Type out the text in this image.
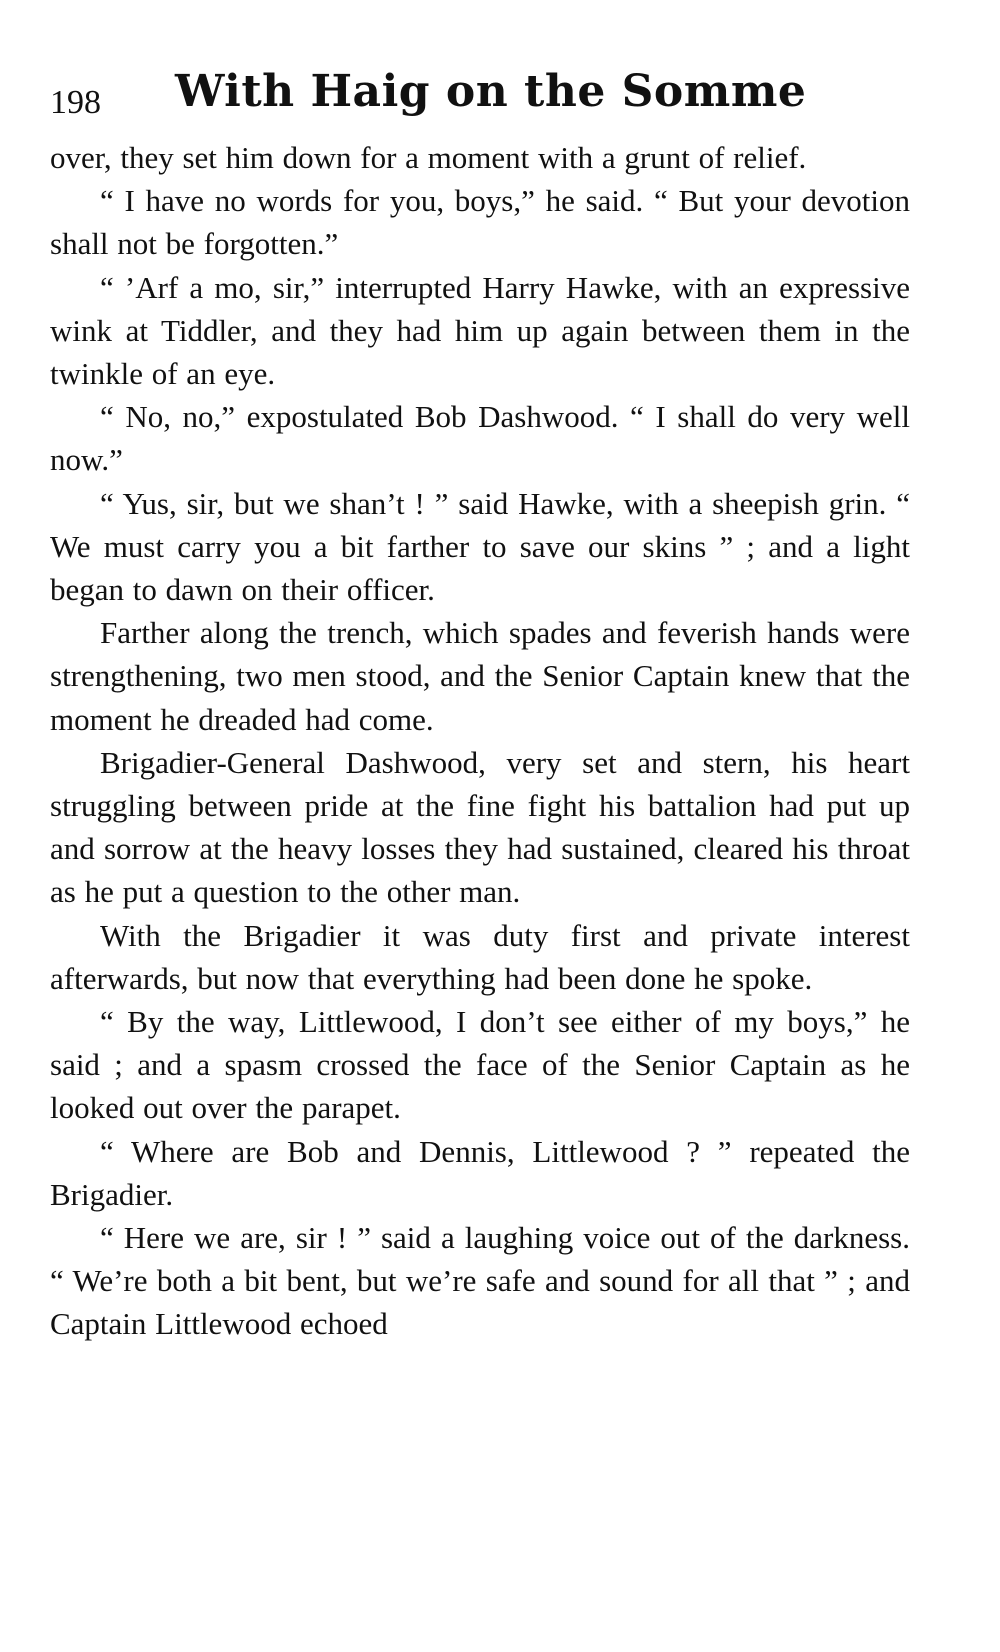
198 With Haig on the Somme

over, they set him down for a moment with a grunt of relief.

“ I have no words for you, boys,” he said. “ But your devotion shall not be forgotten.”

“ ’Arf a mo, sir,” interrupted Harry Hawke, with an expressive wink at Tiddler, and they had him up again between them in the twinkle of an eye.

“ No, no,” expostulated Bob Dashwood. “ I shall do very well now.”

“ Yus, sir, but we shan’t ! ” said Hawke, with a sheepish grin. “ We must carry you a bit farther to save our skins ” ; and a light began to dawn on their officer.

Farther along the trench, which spades and feverish hands were strengthening, two men stood, and the Senior Captain knew that the moment he dreaded had come.

Brigadier-General Dashwood, very set and stern, his heart struggling between pride at the fine fight his battalion had put up and sorrow at the heavy losses they had sustained, cleared his throat as he put a question to the other man.

With the Brigadier it was duty first and private interest afterwards, but now that everything had been done he spoke.

“ By the way, Littlewood, I don’t see either of my boys,” he said ; and a spasm crossed the face of the Senior Captain as he looked out over the parapet.

“ Where are Bob and Dennis, Littlewood ? ” repeated the Brigadier.

“ Here we are, sir ! ” said a laughing voice out of the darkness. “ We’re both a bit bent, but we’re safe and sound for all that ” ; and Captain Littlewood echoed
